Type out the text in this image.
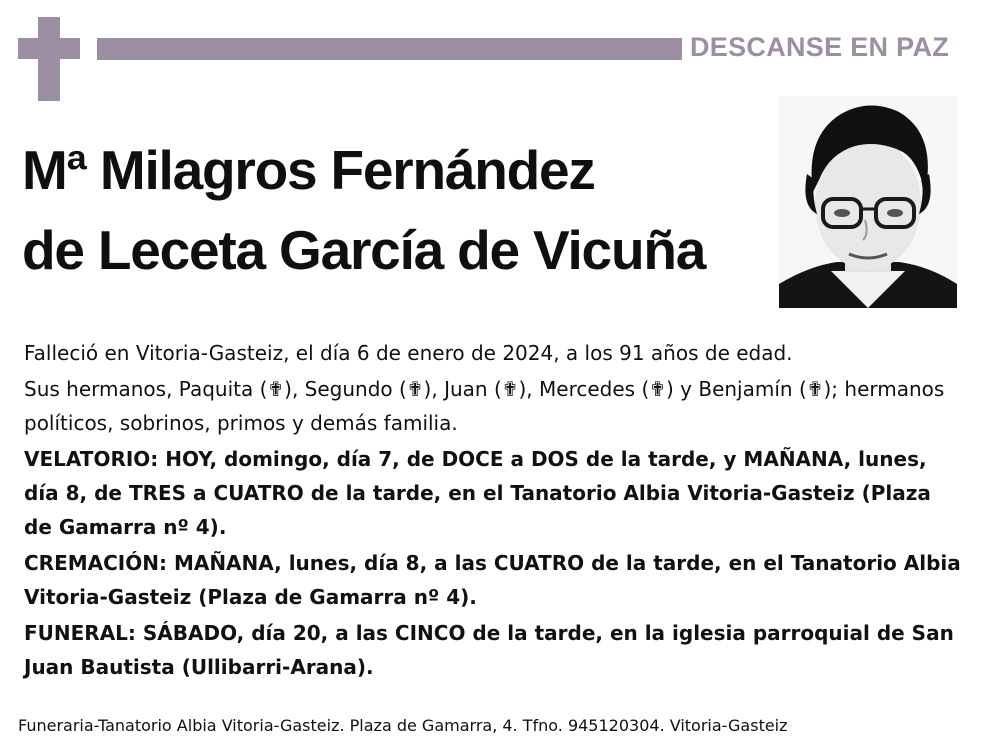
DESCANSE EN PAZ
Mª Milagros Fernández
de Leceta García de Vicuña

Falleció en Vitoria-Gasteiz, el día 6 de enero de 2024, a los 91 años de edad.

Sus hermanos, Paquita (✟), Segundo (✟), Juan (✟), Mercedes (✟) y Benjamín (✟); hermanos políticos, sobrinos, primos y demás familia.

VELATORIO: HOY, domingo, día 7, de DOCE a DOS de la tarde, y MAÑANA, lunes, día 8, de TRES a CUATRO de la tarde, en el Tanatorio Albia Vitoria-Gasteiz (Plaza de Gamarra nº 4).

CREMACIÓN: MAÑANA, lunes, día 8, a las CUATRO de la tarde, en el Tanatorio Albia Vitoria-Gasteiz (Plaza de Gamarra nº 4).

FUNERAL: SÁBADO, día 20, a las CINCO de la tarde, en la iglesia parroquial de San Juan Bautista (Ullibarri-Arana).

Funeraria-Tanatorio Albia Vitoria-Gasteiz. Plaza de Gamarra, 4. Tfno. 945120304. Vitoria-Gasteiz
